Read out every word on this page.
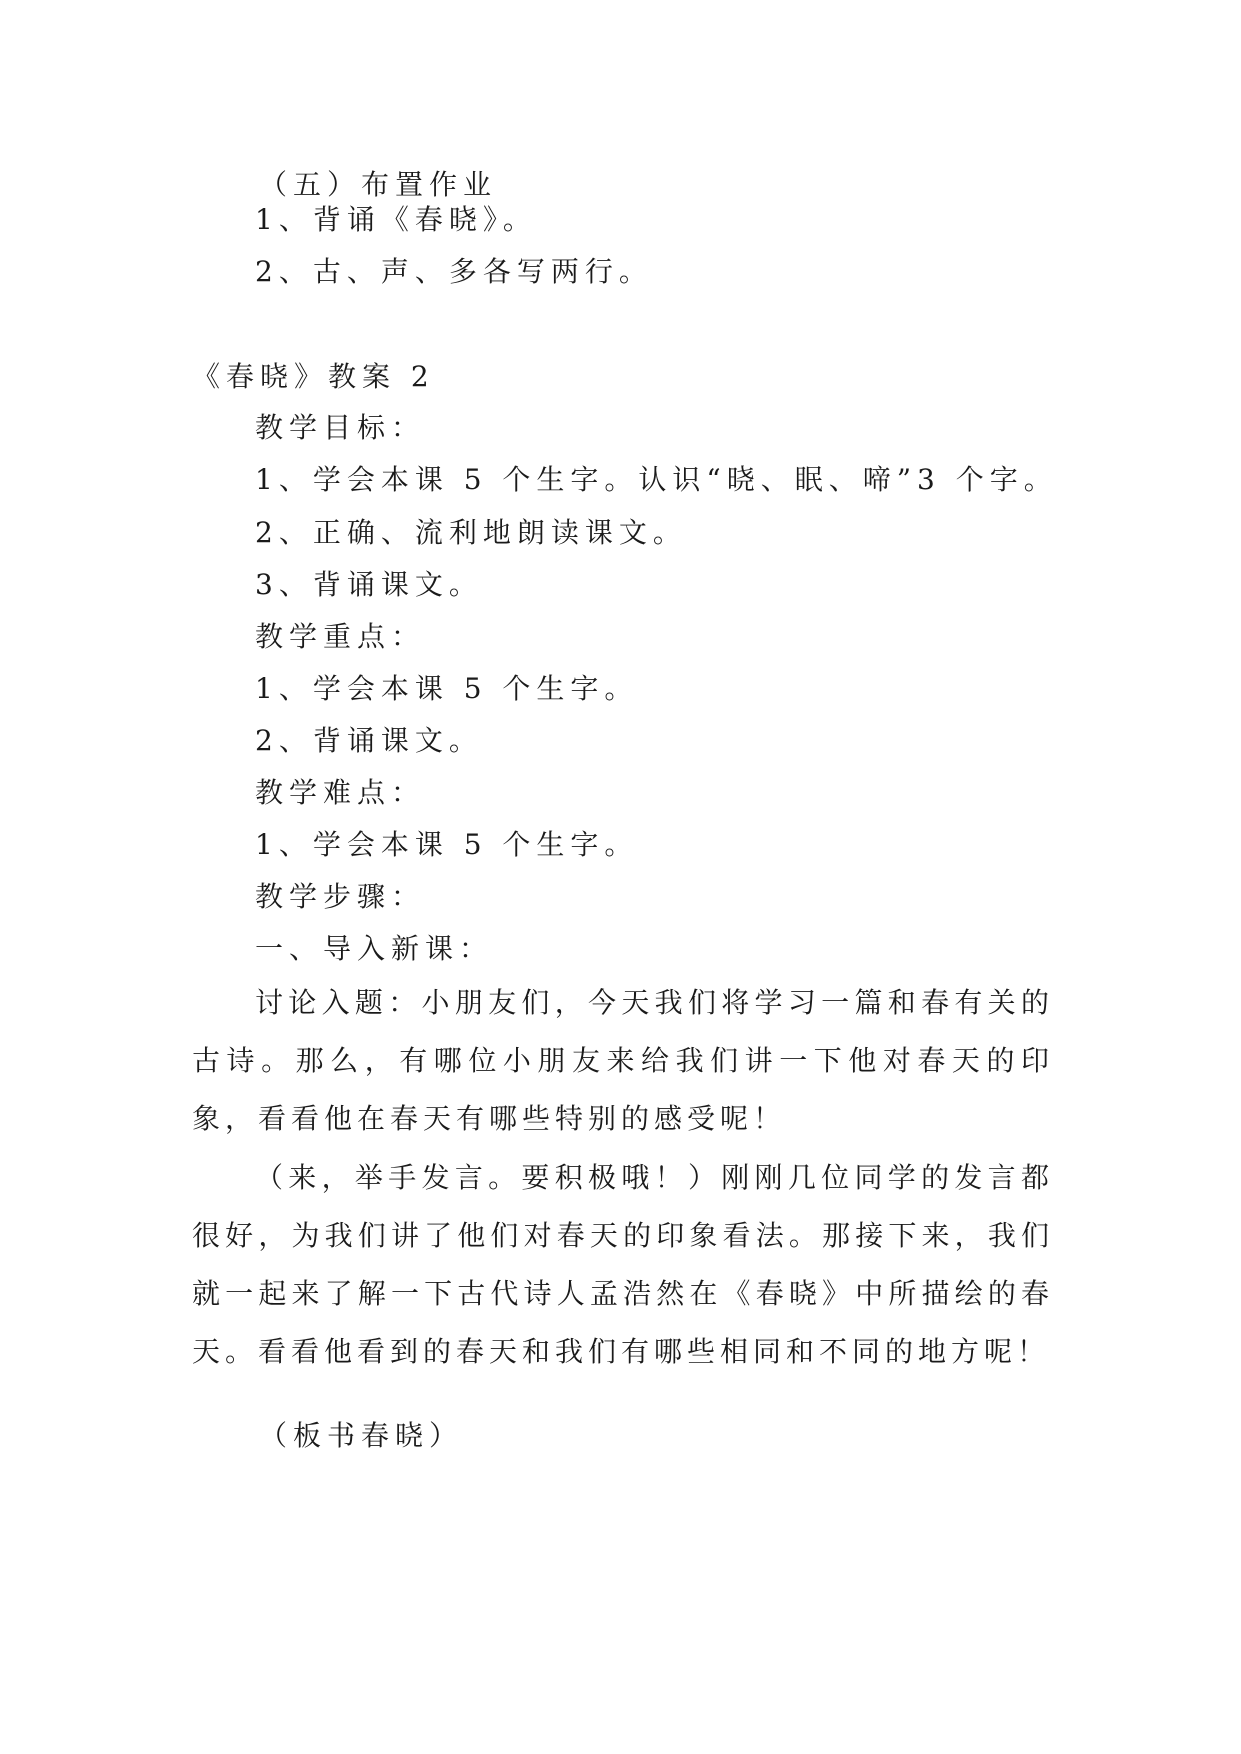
（五）布置作业
1、背诵《春晓》。
2、古、声、多各写两行。
《春晓》教案 2
教学目标：
1、学会本课 5 个生字。认识“晓、眠、啼”3 个字。
2、正确、流利地朗读课文。
3、背诵课文。
教学重点：
1、学会本课 5 个生字。
2、背诵课文。
教学难点：
1、学会本课 5 个生字。
教学步骤：
一、导入新课：
讨论入题：小朋友们，今天我们将学习一篇和春有关的古诗。那么，有哪位小朋友来给我们讲一下他对春天的印象，看看他在春天有哪些特别的感受呢！
（来，举手发言。要积极哦！）刚刚几位同学的发言都很好，为我们讲了他们对春天的印象看法。那接下来，我们就一起来了解一下古代诗人孟浩然在《春晓》中所描绘的春天。看看他看到的春天和我们有哪些相同和不同的地方呢！
（板书春晓）
